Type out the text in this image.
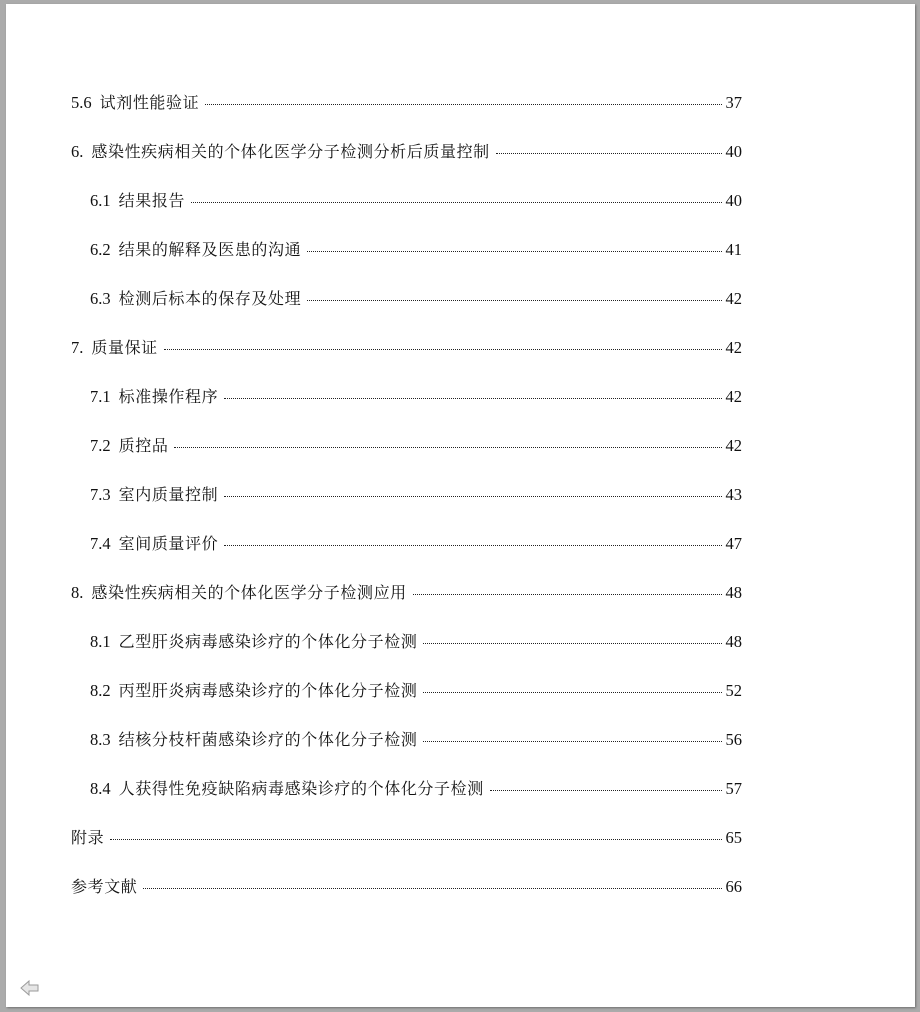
5.6 试剂性能验证	37
6. 感染性疾病相关的个体化医学分子检测分析后质量控制	40
6.1 结果报告	40
6.2 结果的解释及医患的沟通	41
6.3 检测后标本的保存及处理	42
7. 质量保证	42
7.1 标准操作程序	42
7.2 质控品	42
7.3 室内质量控制	43
7.4 室间质量评价	47
8. 感染性疾病相关的个体化医学分子检测应用	48
8.1 乙型肝炎病毒感染诊疗的个体化分子检测	48
8.2 丙型肝炎病毒感染诊疗的个体化分子检测	52
8.3 结核分枝杆菌感染诊疗的个体化分子检测	56
8.4 人获得性免疫缺陷病毒感染诊疗的个体化分子检测	57
附录	65
参考文献	66
